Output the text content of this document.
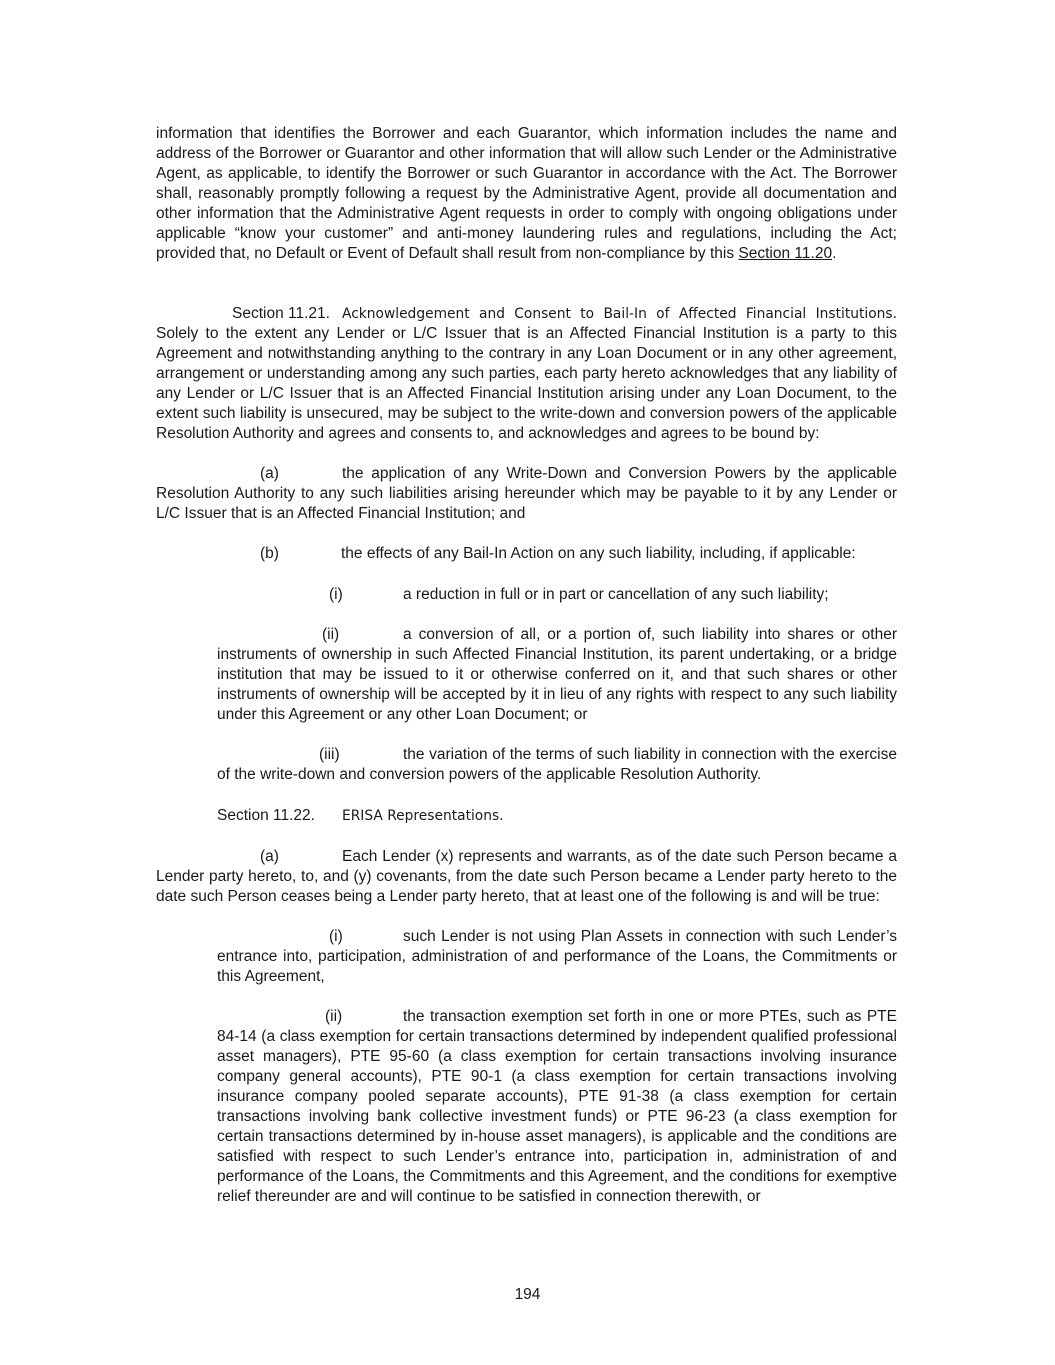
information that identifies the Borrower and each Guarantor, which information includes the name and address of the Borrower or Guarantor and other information that will allow such Lender or the Administrative Agent, as applicable, to identify the Borrower or such Guarantor in accordance with the Act. The Borrower shall, reasonably promptly following a request by the Administrative Agent, provide all documentation and other information that the Administrative Agent requests in order to comply with ongoing obligations under applicable “know your customer” and anti-money laundering rules and regulations, including the Act; provided that, no Default or Event of Default shall result from non-compliance by this Section 11.20.

Section 11.21. Acknowledgement and Consent to Bail-In of Affected Financial Institutions. Solely to the extent any Lender or L/C Issuer that is an Affected Financial Institution is a party to this Agreement and notwithstanding anything to the contrary in any Loan Document or in any other agreement, arrangement or understanding among any such parties, each party hereto acknowledges that any liability of any Lender or L/C Issuer that is an Affected Financial Institution arising under any Loan Document, to the extent such liability is unsecured, may be subject to the write-down and conversion powers of the applicable Resolution Authority and agrees and consents to, and acknowledges and agrees to be bound by:

(a)	the application of any Write-Down and Conversion Powers by the applicable Resolution Authority to any such liabilities arising hereunder which may be payable to it by any Lender or L/C Issuer that is an Affected Financial Institution; and

(b)	the effects of any Bail-In Action on any such liability, including, if applicable:

(i)	a reduction in full or in part or cancellation of any such liability;

(ii)	a conversion of all, or a portion of, such liability into shares or other instruments of ownership in such Affected Financial Institution, its parent undertaking, or a bridge institution that may be issued to it or otherwise conferred on it, and that such shares or other instruments of ownership will be accepted by it in lieu of any rights with respect to any such liability under this Agreement or any other Loan Document; or

(iii)	the variation of the terms of such liability in connection with the exercise of the write-down and conversion powers of the applicable Resolution Authority.

Section 11.22. ERISA Representations.

(a)	Each Lender (x) represents and warrants, as of the date such Person became a Lender party hereto, to, and (y) covenants, from the date such Person became a Lender party hereto to the date such Person ceases being a Lender party hereto, that at least one of the following is and will be true:

(i)	such Lender is not using Plan Assets in connection with such Lender’s entrance into, participation, administration of and performance of the Loans, the Commitments or this Agreement,

(ii)	the transaction exemption set forth in one or more PTEs, such as PTE 84-14 (a class exemption for certain transactions determined by independent qualified professional asset managers), PTE 95-60 (a class exemption for certain transactions involving insurance company general accounts), PTE 90-1 (a class exemption for certain transactions involving insurance company pooled separate accounts), PTE 91-38 (a class exemption for certain transactions involving bank collective investment funds) or PTE 96-23 (a class exemption for certain transactions determined by in-house asset managers), is applicable and the conditions are satisfied with respect to such Lender’s entrance into, participation in, administration of and performance of the Loans, the Commitments and this Agreement, and the conditions for exemptive relief thereunder are and will continue to be satisfied in connection therewith, or

194
